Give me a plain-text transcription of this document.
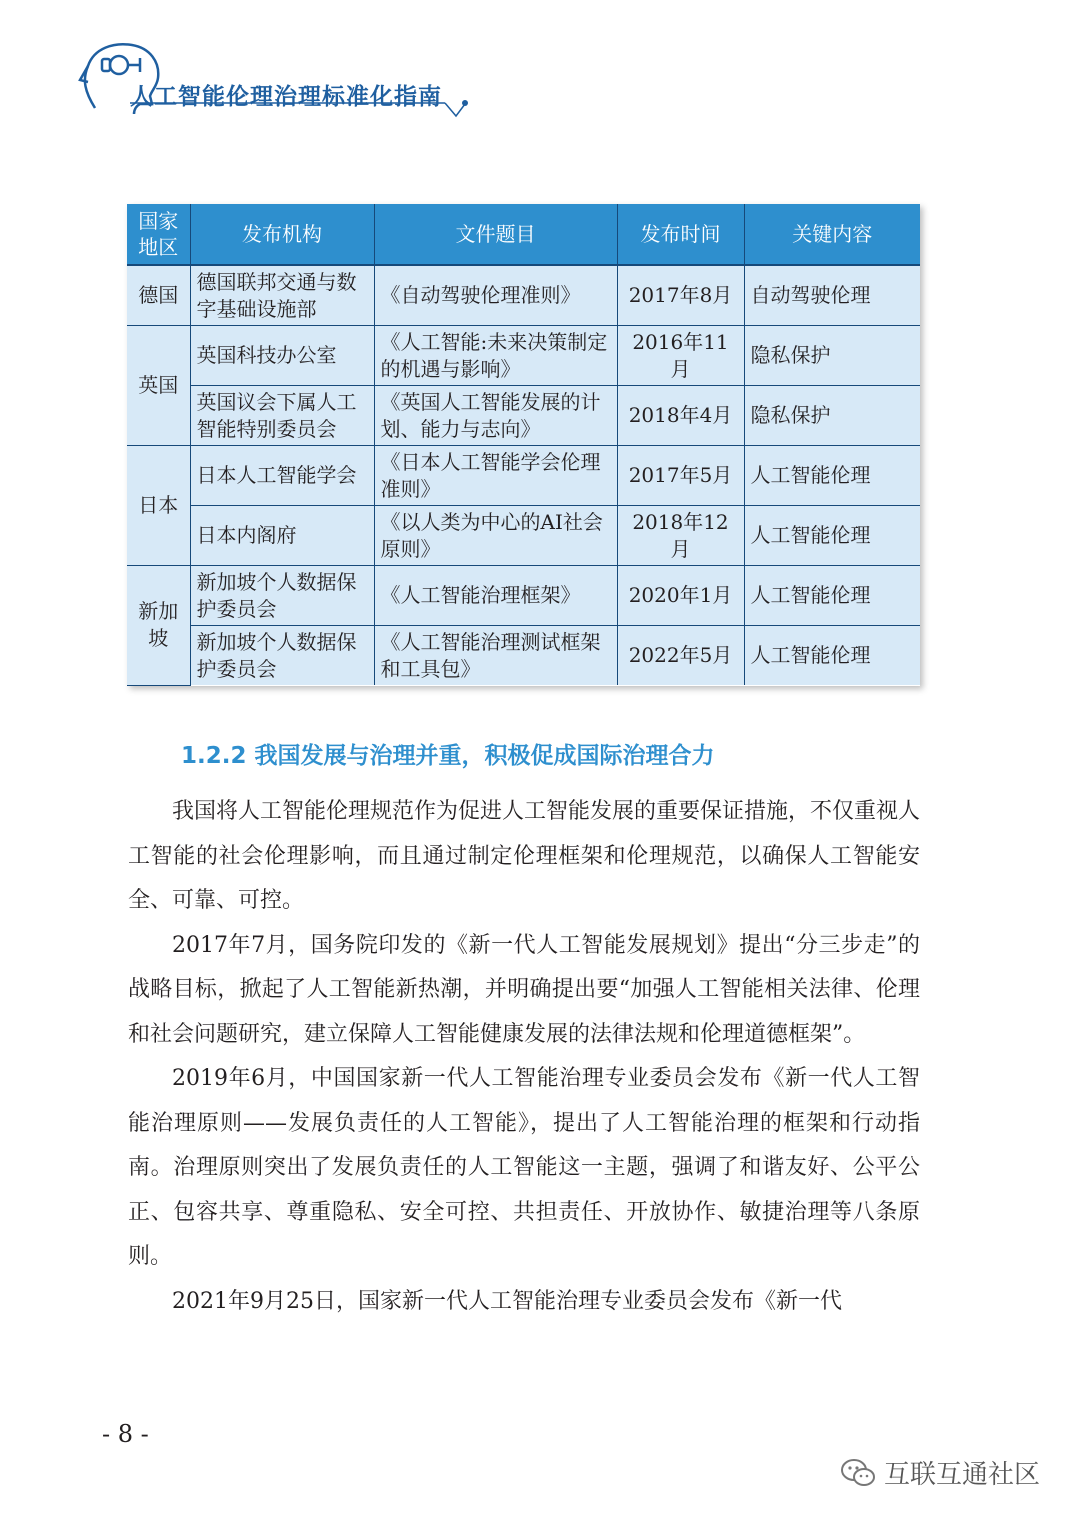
人工智能伦理治理标准化指南
国家地区	发布机构	文件题目	发布时间	关键内容
德国	德国联邦交通与数字基础设施部	《自动驾驶伦理准则》	2017年8月	自动驾驶伦理
英国	英国科技办公室	《人工智能:未来决策制定的机遇与影响》	2016年11月	隐私保护
	英国议会下属人工智能特别委员会	《英国人工智能发展的计划、能力与志向》	2018年4月	隐私保护
日本	日本人工智能学会	《日本人工智能学会伦理准则》	2017年5月	人工智能伦理
	日本内阁府	《以人类为中心的AI社会原则》	2018年12月	人工智能伦理
新加坡	新加坡个人数据保护委员会	《人工智能治理框架》	2020年1月	人工智能伦理
	新加坡个人数据保护委员会	《人工智能治理测试框架和工具包》	2022年5月	人工智能伦理
1.2.2 我国发展与治理并重，积极促成国际治理合力

我国将人工智能伦理规范作为促进人工智能发展的重要保证措施，不仅重视人工智能的社会伦理影响，而且通过制定伦理框架和伦理规范，以确保人工智能安全、可靠、可控。

2017年7月，国务院印发的《新一代人工智能发展规划》提出“分三步走”的战略目标，掀起了人工智能新热潮，并明确提出要“加强人工智能相关法律、伦理和社会问题研究，建立保障人工智能健康发展的法律法规和伦理道德框架”。

2019年6月，中国国家新一代人工智能治理专业委员会发布《新一代人工智能治理原则——发展负责任的人工智能》，提出了人工智能治理的框架和行动指南。治理原则突出了发展负责任的人工智能这一主题，强调了和谐友好、公平公正、包容共享、尊重隐私、安全可控、共担责任、开放协作、敏捷治理等八条原则。

2021年9月25日，国家新一代人工智能治理专业委员会发布《新一代

- 8 -
互联互通社区
